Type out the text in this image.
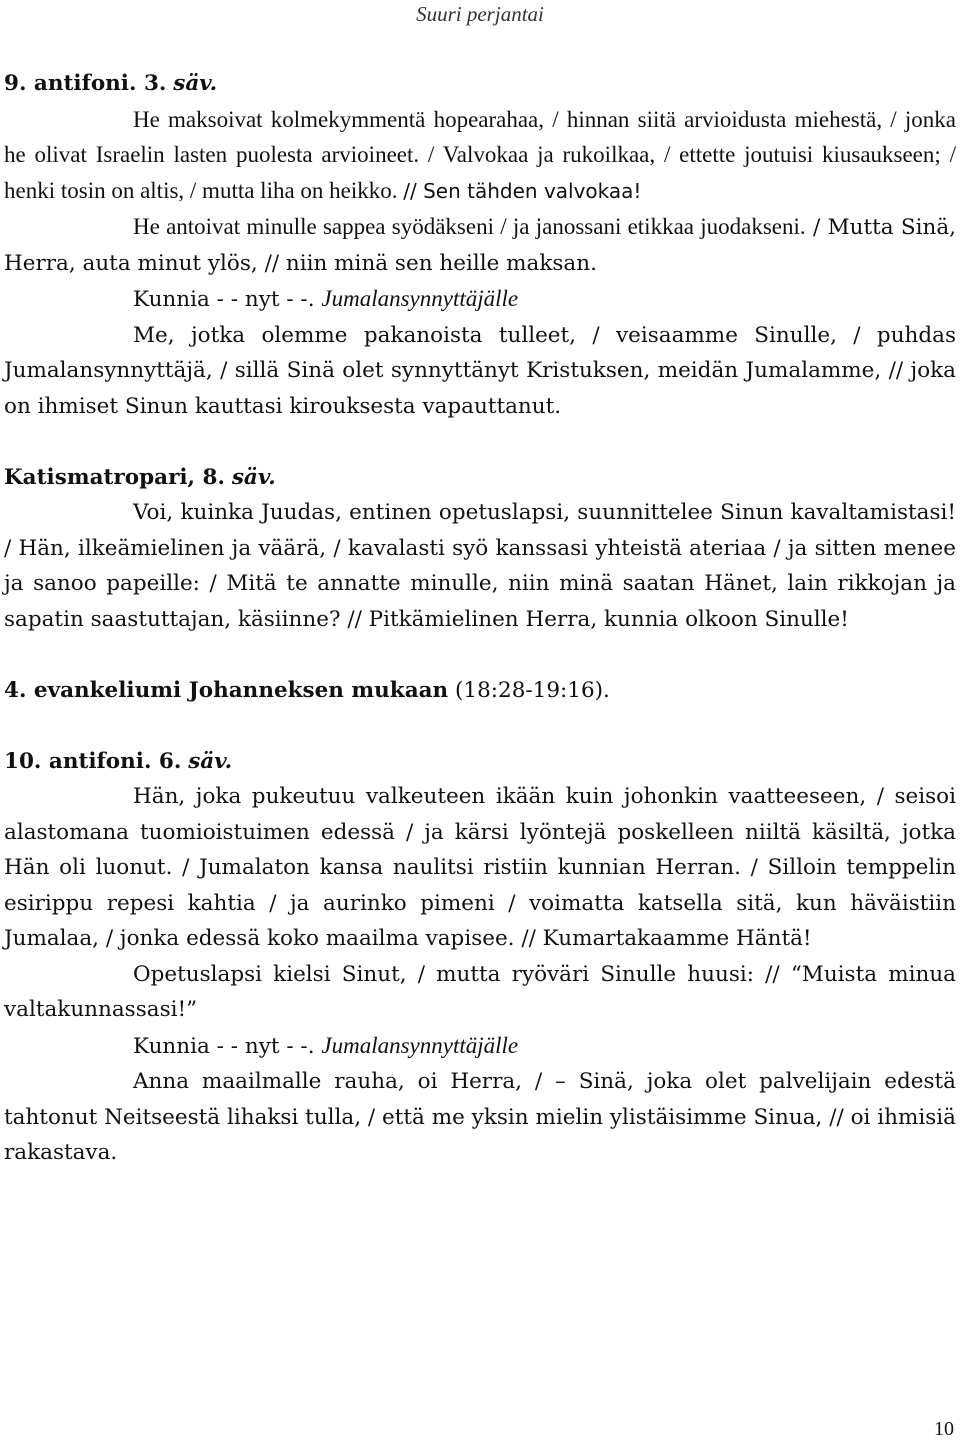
Suuri perjantai

9. antifoni. 3. säv.

He maksoivat kolmekymmentä hopearahaa, / hinnan siitä arvioidusta miehestä, / jonka he olivat Israelin lasten puolesta arvioineet. / Valvokaa ja rukoilkaa, / ettette joutuisi kiusaukseen; / henki tosin on altis, / mutta liha on heikko. // Sen tähden valvokaa!

He antoivat minulle sappea syödäkseni / ja janossani etikkaa juodakseni. / Mutta Sinä, Herra, auta minut ylös, // niin minä sen heille maksan.

Kunnia - - nyt - -. Jumalansynnyttäjälle

Me, jotka olemme pakanoista tulleet, / veisaamme Sinulle, / puhdas Jumalansynnyttäjä, / sillä Sinä olet synnyttänyt Kristuksen, meidän Jumalamme, // joka on ihmiset Sinun kauttasi kirouksesta vapauttanut.

Katismatropari, 8. säv.

Voi, kuinka Juudas, entinen opetuslapsi, suunnittelee Sinun kavaltamistasi! / Hän, ilkeämielinen ja väärä, / kavalasti syö kanssasi yhteistä ateriaa / ja sitten menee ja sanoo papeille: / Mitä te annatte minulle, niin minä saatan Hänet, lain rikkojan ja sapatin saastuttajan, käsiinne? // Pitkämielinen Herra, kunnia olkoon Sinulle!

4. evankeliumi Johanneksen mukaan (18:28-19:16).

10. antifoni. 6. säv.

Hän, joka pukeutuu valkeuteen ikään kuin johonkin vaatteeseen, / seisoi alastomana tuomioistuimen edessä / ja kärsi lyöntejä poskelleen niiltä käsiltä, jotka Hän oli luonut. / Jumalaton kansa naulitsi ristiin kunnian Herran. / Silloin temppelin esirippu repesi kahtia / ja aurinko pimeni / voimatta katsella sitä, kun häväistiin Jumalaa, / jonka edessä koko maailma vapisee. // Kumartakaamme Häntä!

Opetuslapsi kielsi Sinut, / mutta ryöväri Sinulle huusi: // “Muista minua valtakunnassasi!”

Kunnia - - nyt - -. Jumalansynnyttäjälle

Anna maailmalle rauha, oi Herra, / – Sinä, joka olet palvelijain edestä tahtonut Neitseestä lihaksi tulla, / että me yksin mielin ylistäisimme Sinua, // oi ihmisiä rakastava.

10
